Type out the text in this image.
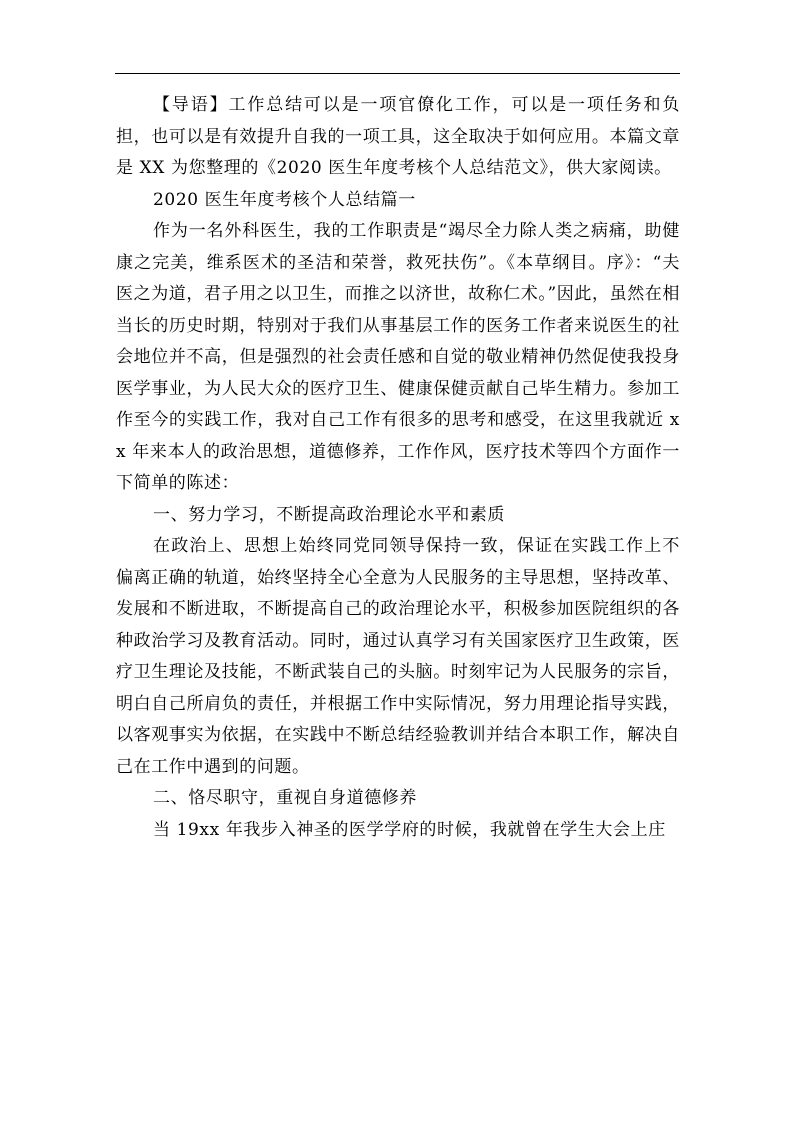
【导语】工作总结可以是一项官僚化工作，可以是一项任务和负担，也可以是有效提升自我的一项工具，这全取决于如何应用。本篇文章是 XX 为您整理的《2020 医生年度考核个人总结范文》，供大家阅读。

2020 医生年度考核个人总结篇一

作为一名外科医生，我的工作职责是“竭尽全力除人类之病痛，助健康之完美，维系医术的圣洁和荣誉，救死扶伤”。《本草纲目。序》：“夫医之为道，君子用之以卫生，而推之以济世，故称仁术。”因此，虽然在相当长的历史时期，特别对于我们从事基层工作的医务工作者来说医生的社会地位并不高，但是强烈的社会责任感和自觉的敬业精神仍然促使我投身医学事业，为人民大众的医疗卫生、健康保健贡献自己毕生精力。参加工作至今的实践工作，我对自己工作有很多的思考和感受，在这里我就近 xx 年来本人的政治思想，道德修养，工作作风，医疗技术等四个方面作一下简单的陈述：

一、努力学习，不断提高政治理论水平和素质

在政治上、思想上始终同党同领导保持一致，保证在实践工作上不偏离正确的轨道，始终坚持全心全意为人民服务的主导思想，坚持改革、发展和不断进取，不断提高自己的政治理论水平，积极参加医院组织的各种政治学习及教育活动。同时，通过认真学习有关国家医疗卫生政策，医疗卫生理论及技能，不断武装自己的头脑。时刻牢记为人民服务的宗旨，明白自己所肩负的责任，并根据工作中实际情况，努力用理论指导实践，以客观事实为依据，在实践中不断总结经验教训并结合本职工作，解决自己在工作中遇到的问题。

二、恪尽职守，重视自身道德修养

当 19xx 年我步入神圣的医学学府的时候，我就曾在学生大会上庄
